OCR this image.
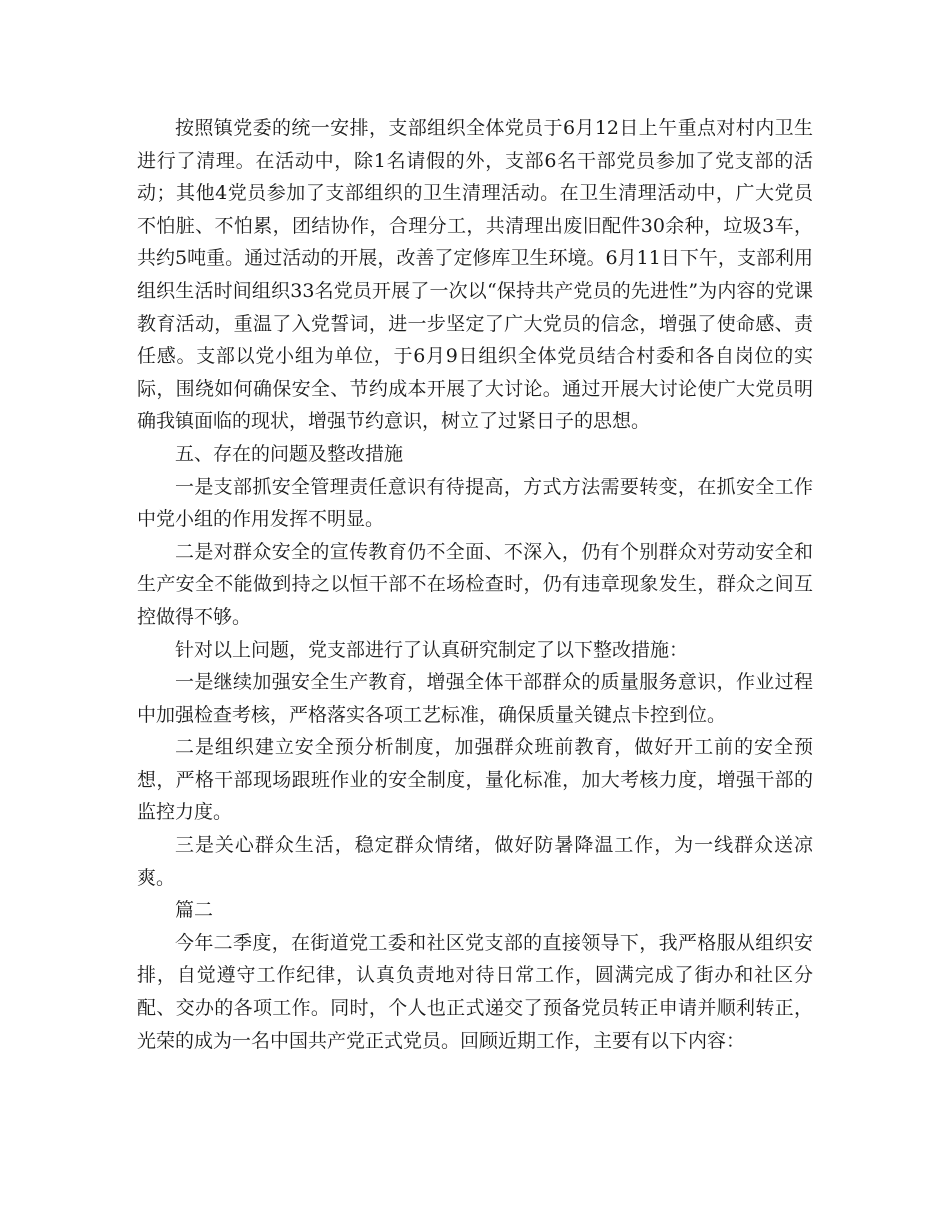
按照镇党委的统一安排，支部组织全体党员于6月12日上午重点对村内卫生进行了清理。在活动中，除1名请假的外，支部6名干部党员参加了党支部的活动；其他4党员参加了支部组织的卫生清理活动。在卫生清理活动中，广大党员不怕脏、不怕累，团结协作，合理分工，共清理出废旧配件30余种，垃圾3车，共约5吨重。通过活动的开展，改善了定修库卫生环境。6月11日下午，支部利用组织生活时间组织33名党员开展了一次以“保持共产党员的先进性”为内容的党课教育活动，重温了入党誓词，进一步坚定了广大党员的信念，增强了使命感、责任感。支部以党小组为单位，于6月9日组织全体党员结合村委和各自岗位的实际，围绕如何确保安全、节约成本开展了大讨论。通过开展大讨论使广大党员明确我镇面临的现状，增强节约意识，树立了过紧日子的思想。

五、存在的问题及整改措施

一是支部抓安全管理责任意识有待提高，方式方法需要转变，在抓安全工作中党小组的作用发挥不明显。

二是对群众安全的宣传教育仍不全面、不深入，仍有个别群众对劳动安全和生产安全不能做到持之以恒干部不在场检查时，仍有违章现象发生，群众之间互控做得不够。

针对以上问题，党支部进行了认真研究制定了以下整改措施：

一是继续加强安全生产教育，增强全体干部群众的质量服务意识，作业过程中加强检查考核，严格落实各项工艺标准，确保质量关键点卡控到位。

二是组织建立安全预分析制度，加强群众班前教育，做好开工前的安全预想，严格干部现场跟班作业的安全制度，量化标准，加大考核力度，增强干部的监控力度。

三是关心群众生活，稳定群众情绪，做好防暑降温工作，为一线群众送凉爽。

篇二

今年二季度，在街道党工委和社区党支部的直接领导下，我严格服从组织安排，自觉遵守工作纪律，认真负责地对待日常工作，圆满完成了街办和社区分配、交办的各项工作。同时，个人也正式递交了预备党员转正申请并顺利转正，光荣的成为一名中国共产党正式党员。回顾近期工作，主要有以下内容：
